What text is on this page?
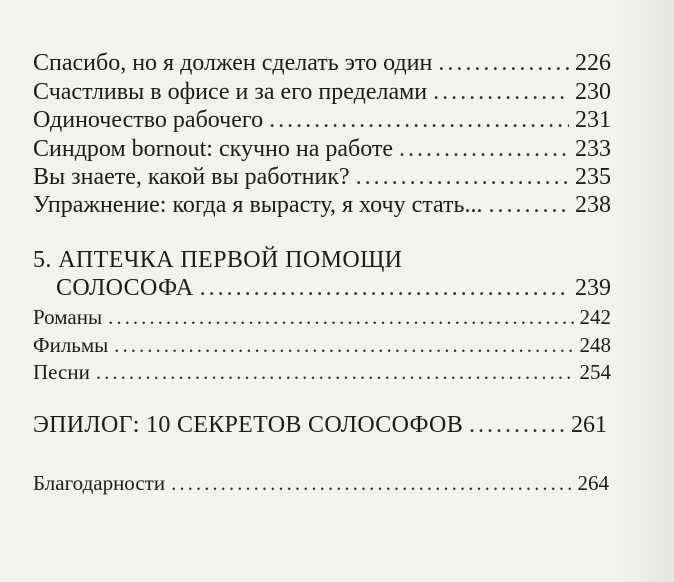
Спасибо, но я должен сделать это один .....	226
Счастливы в офисе и за его пределами .....	230
Одиночество рабочего .....	231
Синдром bornout: скучно на работе .....	233
Вы знаете, какой вы работник? .....	235
Упражнение: когда я вырасту, я хочу стать... .....	238
5. АПТЕЧКА ПЕРВОЙ ПОМОЩИ
СОЛОСОФА .....	239
Романы .....	242
Фильмы .....	248
Песни .....	254
ЭПИЛОГ: 10 СЕКРЕТОВ СОЛОСОФОВ .....	261
Благодарности .....	264
